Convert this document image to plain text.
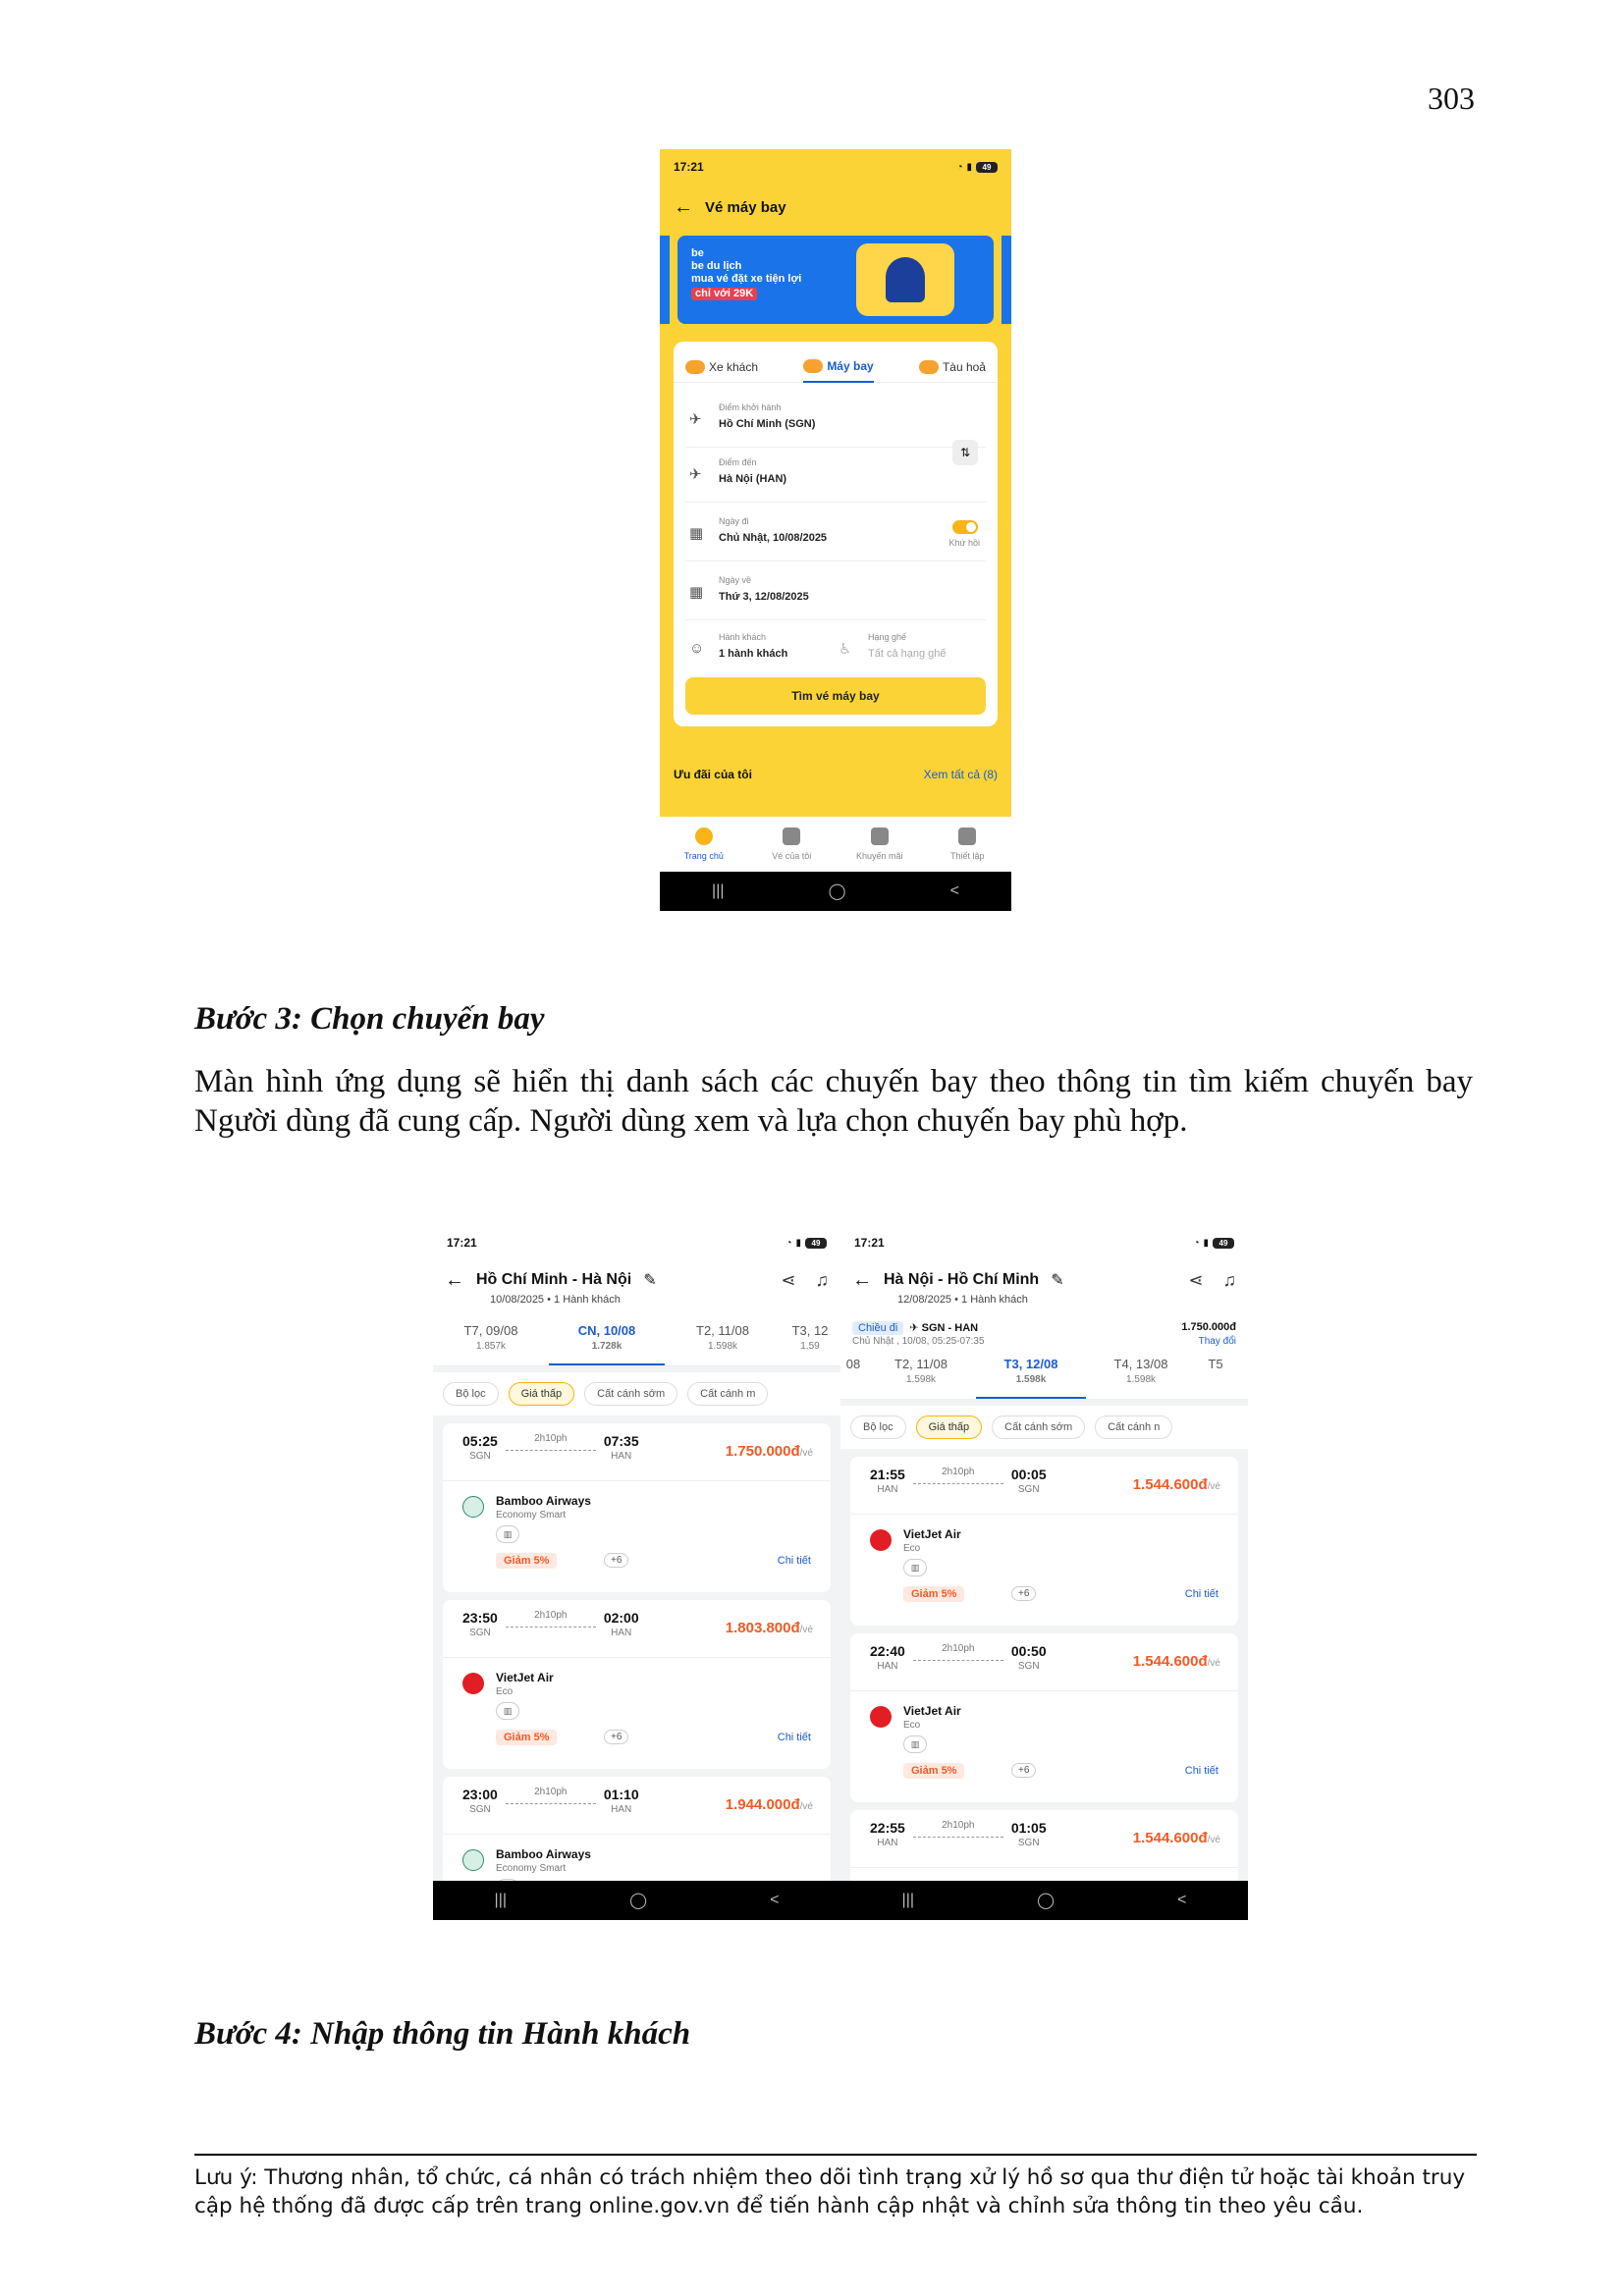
303
17:21	◔ ▮	49
← Vé máy bay
be
be du lịch
mua vé đặt xe tiện lợi
chỉ với 29K
Xe khách	Máy bay	Tàu hoả
✈
Điểm khởi hành
Hồ Chí Minh (SGN)
⇅
✈
Điểm đến
Hà Nội (HAN)
▦
Ngày đi
Chủ Nhật, 10/08/2025	Khứ hồi
▦
Ngày về
Thứ 3, 12/08/2025
☺
Hành khách
1 hành khách	♿
Hạng ghế
Tất cả hạng ghế
Tìm vé máy bay
Ưu đãi của tôi	Xem tất cả (8)
Trang chủ	Vé của tôi	Khuyến mãi	Thiết lập
|||	◯	<
Bước 3: Chọn chuyến bay
Màn hình ứng dụng sẽ hiển thị danh sách các chuyến bay theo thông tin tìm kiếm chuyến bay Người dùng đã cung cấp. Người dùng xem và lựa chọn chuyến bay phù hợp.
17:21	◔ ▮	49
← Hồ Chí Minh - Hà Nội ✎	⋖ ♫
10/08/2025 • 1 Hành khách
T7, 09/08
1.857k
CN, 10/08
1.728k
T2, 11/08
1.598k
T3, 12
1.59
Bộ lọc	Giá thấp	Cất cánh sớm	Cất cánh m
05:25
SGN
2h10ph	07:35
HAN	1.750.000đ/vé
Bamboo Airways
Economy Smart
▥
Giảm 5%	+6	Chi tiết
23:50
SGN
2h10ph	02:00
HAN	1.803.800đ/vé
VietJet Air
Eco
▥
Giảm 5%	+6	Chi tiết
23:00
SGN
2h10ph	01:10
HAN	1.944.000đ/vé
Bamboo Airways
Economy Smart
|||	◯	<
17:21	◔ ▮	49
← Hà Nội - Hồ Chí Minh ✎	⋖ ♫
12/08/2025 • 1 Hành khách
Chiều đi ✈ SGN - HAN	1.750.000đ
Chủ Nhật , 10/08, 05:25-07:35	Thay đổi
08	T2, 11/08
1.598k
T3, 12/08
1.598k
T4, 13/08
1.598k
T5
Bộ lọc	Giá thấp	Cất cánh sớm	Cất cánh n
21:55
HAN
2h10ph	00:05
SGN	1.544.600đ/vé
VietJet Air
Eco
▥
Giảm 5%	+6	Chi tiết
22:40
HAN
2h10ph	00:50
SGN	1.544.600đ/vé
VietJet Air
Eco
▥
Giảm 5%	+6	Chi tiết
22:55
HAN
2h10ph	01:05
SGN	1.544.600đ/vé
|||	◯	<
Bước 4: Nhập thông tin Hành khách
Lưu ý: Thương nhân, tổ chức, cá nhân có trách nhiệm theo dõi tình trạng xử lý hồ sơ qua thư điện tử hoặc tài khoản truy cập hệ thống đã được cấp trên trang online.gov.vn để tiến hành cập nhật và chỉnh sửa thông tin theo yêu cầu.
